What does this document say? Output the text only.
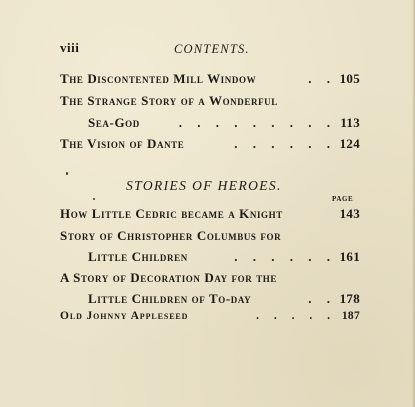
viii	CONTENTS.
The Discontented Mill Window	. . 105
The Strange Story of a Wonderful
Sea-God	. . . . . . . . . 113
The Vision of Dante	. . . . . . 124
STORIES OF HEROES.
PAGE
How Little Cedric became a Knight	143
Story of Christopher Columbus for
Little Children	. . . . . . 161
A Story of Decoration Day for the
Little Children of To-day	. . 178
Old Johnny Appleseed	. . . . . 187
